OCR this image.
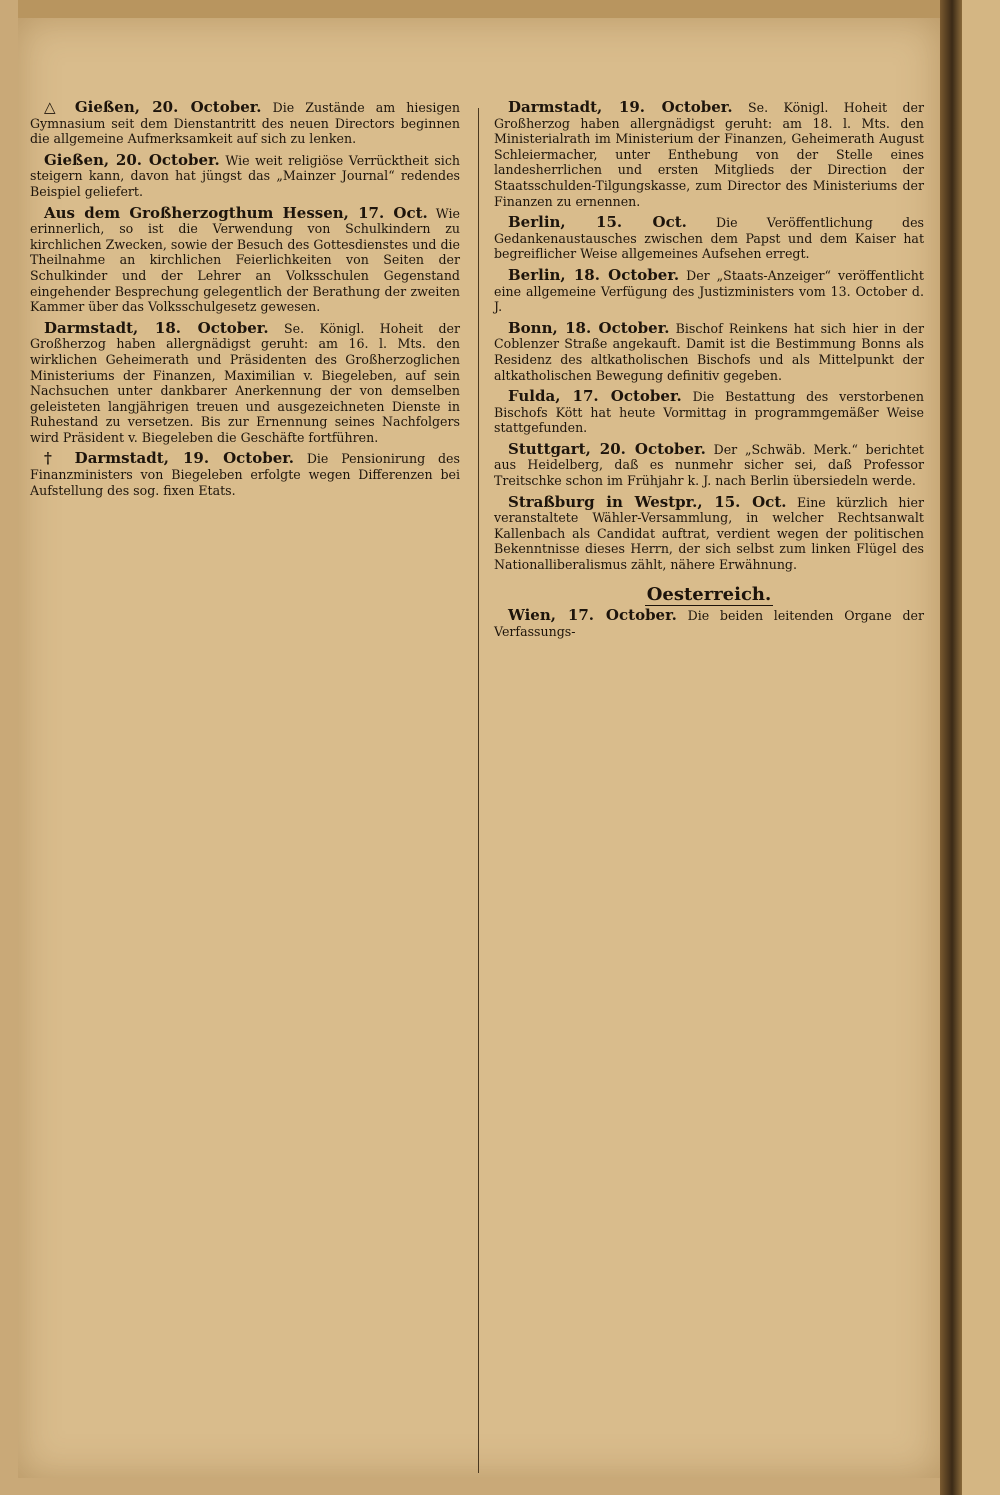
△ Gießen, 20. October. Die Zustände am hiesigen Gymnasium seit dem Dienstantritt des neuen Directors beginnen die allgemeine Aufmerksamkeit auf sich zu lenken.

Gießen, 20. October. Wie weit religiöse Verrücktheit sich steigern kann, davon hat jüngst das „Mainzer Journal“ redendes Beispiel geliefert.

Aus dem Großherzogthum Hessen, 17. Oct. Wie erinnerlich, so ist die Verwendung von Schulkindern zu kirchlichen Zwecken, sowie der Besuch des Gottesdienstes und die Theilnahme an kirchlichen Feierlichkeiten von Seiten der Schulkinder und der Lehrer an Volksschulen Gegenstand eingehender Besprechung gelegentlich der Berathung der zweiten Kammer über das Volksschulgesetz gewesen.

Darmstadt, 18. October. Se. Königl. Hoheit der Großherzog haben allergnädigst geruht: am 16. l. Mts. den wirklichen Geheimerath und Präsidenten des Großherzoglichen Ministeriums der Finanzen, Maximilian v. Biegeleben, auf sein Nachsuchen unter dankbarer Anerkennung der von demselben geleisteten langjährigen treuen und ausgezeichneten Dienste in Ruhestand zu versetzen. Bis zur Ernennung seines Nachfolgers wird Präsident v. Biegeleben die Geschäfte fortführen.

† Darmstadt, 19. October. Die Pensionirung des Finanzministers von Biegeleben erfolgte wegen Differenzen bei Aufstellung des sog. fixen Etats.

Darmstadt, 19. October. Se. Königl. Hoheit der Großherzog haben allergnädigst geruht: am 18. l. Mts. den Ministerialrath im Ministerium der Finanzen, Geheimerath August Schleiermacher, unter Enthebung von der Stelle eines landesherrlichen und ersten Mitglieds der Direction der Staatsschulden-Tilgungskasse, zum Director des Ministeriums der Finanzen zu ernennen.

Berlin, 15. Oct. Die Veröffentlichung des Gedankenaustausches zwischen dem Papst und dem Kaiser hat begreiflicher Weise allgemeines Aufsehen erregt.

Berlin, 18. October. Der „Staats-Anzeiger“ veröffentlicht eine allgemeine Verfügung des Justizministers vom 13. October d. J.

Bonn, 18. October. Bischof Reinkens hat sich hier in der Coblenzer Straße angekauft. Damit ist die Bestimmung Bonns als Residenz des altkatholischen Bischofs und als Mittelpunkt der altkatholischen Bewegung definitiv gegeben.

Fulda, 17. October. Die Bestattung des verstorbenen Bischofs Kött hat heute Vormittag in programmgemäßer Weise stattgefunden.

Stuttgart, 20. October. Der „Schwäb. Merk.“ berichtet aus Heidelberg, daß es nunmehr sicher sei, daß Professor Treitschke schon im Frühjahr k. J. nach Berlin übersiedeln werde.

Straßburg in Westpr., 15. Oct. Eine kürzlich hier veranstaltete Wähler-Versammlung, in welcher Rechtsanwalt Kallenbach als Candidat auftrat, verdient wegen der politischen Bekenntnisse dieses Herrn, der sich selbst zum linken Flügel des Nationalliberalismus zählt, nähere Erwähnung.

Oesterreich.

Wien, 17. October. Die beiden leitenden Organe der Verfassungs-
